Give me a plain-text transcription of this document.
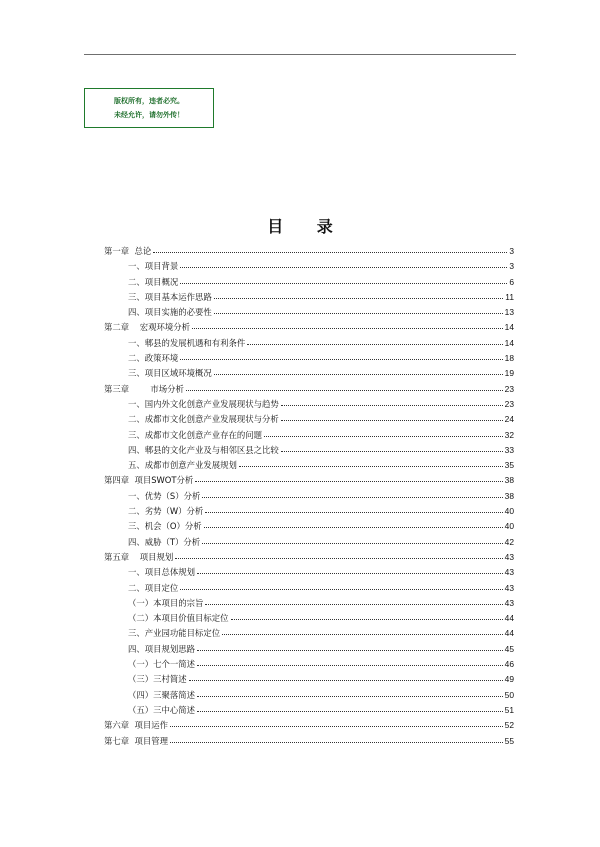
版权所有，违者必究。
未经允许，请勿外传！
目 录
第一章  总论	3
一、项目背景	3
二、项目概况	6
三、项目基本运作思路	11
四、项目实施的必要性	13
第二章    宏观环境分析	14
一、郫县的发展机遇和有利条件	14
二、政策环境	18
三、项目区域环境概况	19
第三章        市场分析	23
一、国内外文化创意产业发展现状与趋势	23
二、成都市文化创意产业发展现状与分析	24
三、成都市文化创意产业存在的问题	32
四、郫县的文化产业及与相邻区县之比较	33
五、成都市创意产业发展规划	35
第四章  项目SWOT分析	38
一、优势（S）分析	38
二、劣势（W）分析	40
三、机会（O）分析	40
四、威胁（T）分析	42
第五章    项目规划	43
一、项目总体规划	43
二、项目定位	43
（一）本项目的宗旨	43
（二）本项目价值目标定位	44
三、产业园功能目标定位	44
四、项目规划思路	45
（一）七个一简述	46
（三）三村简述	49
（四）三聚落简述	50
（五）三中心简述	51
第六章  项目运作	52
第七章  项目管理	55
